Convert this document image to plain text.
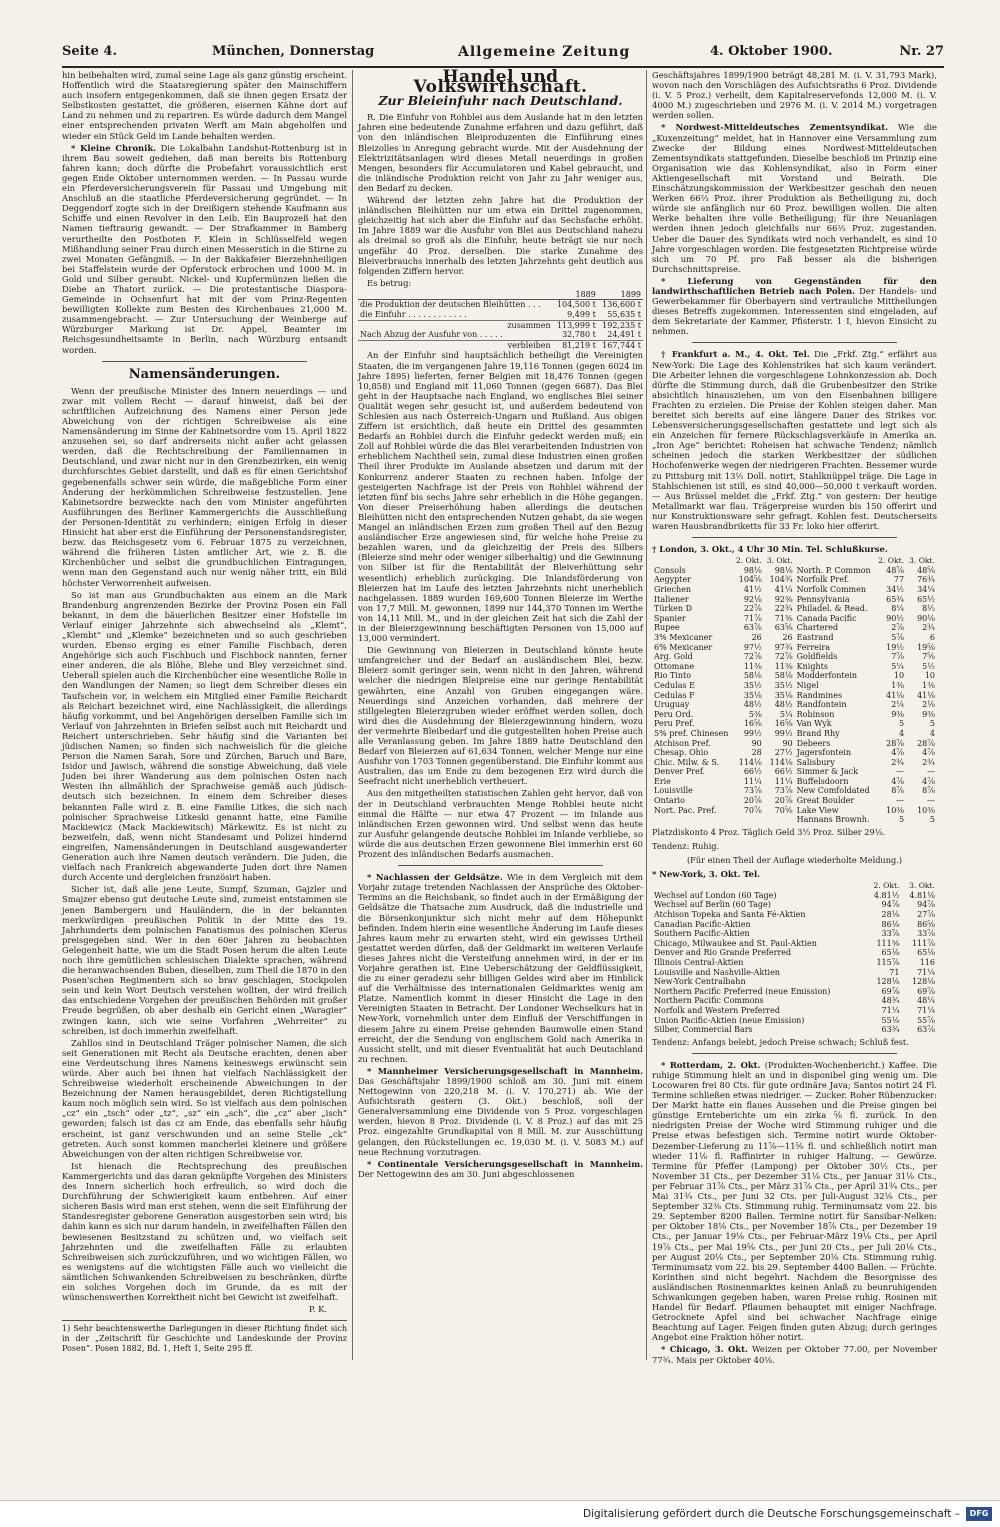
Seite 4.	München, Donnerstag	Allgemeine Zeitung	4. Oktober 1900.	Nr. 27

hin beibehalten wird, zumal seine Lage als ganz günstig erscheint. Hoffentlich wird die Staatsregierung später den Mainschiffern auch insofern entgegenkommen, daß sie ihnen gegen Ersatz der Selbstkosten gestattet, die größeren, eisernen Kähne dort auf Land zu nehmen und zu repariren. Es würde dadurch dem Mangel einer entsprechenden privaten Werft am Main abgeholfen und wieder ein Stück Geld im Lande behalten werden.

* Kleine Chronik. Die Lokalbahn Landshut-Rottenburg ist in ihrem Bau soweit gediehen, daß man bereits bis Rottenburg fahren kann; doch dürfte die Probefahrt voraussichtlich erst gegen Ende Oktober unternommen werden. — In Passau wurde ein Pferdeversicherungsverein für Passau und Umgebung mit Anschluß an die staatliche Pferdeversicherung gegründet. — In Deggendorf zogte sich in der Dreißigern stehende Kaufmann aus Schiffe und einen Revolver in den Leib. Ein Bauprozeß hat den Namen tieftraurig gewandt. — Der Strafkammer in Bamberg verurtheilte den Postboten F. Klein in Schlüsselfeld wegen Mißhandlung seiner Frau durch einen Messerstich in die Stirne zu zwei Monaten Gefängniß. — In der Bakkafeier Bierzehnheiligen bei Staffelstein wurde der Opferstock erbrochen und 1000 M. in Gold und Silber geraubt. Nickel- und Kupfermünzen ließen die Diebe an Thatort zurück. — Die protestantische Diaspora-Gemeinde in Ochsenfurt hat mit der vom Prinz-Regenten bewilligten Kollekte zum Besten des Kirchenbaues 21,000 M. zusammengebracht. — Zur Untersuchung der Weinberge auf Würzburger Markung ist Dr. Appel, Beamter im Reichsgesundheitsamte in Berlin, nach Würzburg entsandt worden.

Namensänderungen.

Wenn der preußische Minister des Innern neuerdings — und zwar mit vollem Recht — darauf hinweist, daß bei der schriftlichen Aufzeichnung des Namens einer Person jede Abweichung von der richtigen Schreibweise als eine Namensänderung im Sinne der Kabinetsordre vom 15. April 1822 anzusehen sei, so darf andrerseits nicht außer acht gelassen werden, daß die Rechtschreibung der Familiennamen in Deutschland, und zwar nicht nur in den Grenzbezirken, ein wenig durchforschtes Gebiet darstellt, und daß es für einen Gerichtshof gegebenenfalls schwer sein würde, die maßgebliche Form einer Änderung der herkömmlichen Schreibweise festzustellen. Jene Kabinetsordre bezweckte nach den vom Minister angeführten Ausführungen des Berliner Kammergerichts die Ausschließung der Personen-Identität zu verhindern; einigen Erfolg in dieser Hinsicht hat aber erst die Einführung der Personenstandsregister, bezw. das Reichsgesetz vom 6. Februar 1875 zu verzeichnen, während die früheren Listen amtlicher Art, wie z. B. die Kirchenbücher und selbst die grundbuchlichen Eintragungen, wenn man den Gegenstand auch nur wenig näher tritt, ein Bild höchster Verworrenheit aufweisen.

So ist man aus Grundbuchakten aus einem an die Mark Brandenburg angrenzenden Bezirke der Provinz Posen ein Fall bekannt, in dem die bäuerlichen Besitzer einer Hofstelle im Verlauf einiger Jahrzehnte sich abwechselnd als „Klemt“, „Klembt“ und „Klemke“ bezeichneten und so auch geschrieben wurden. Ebenso erging es einer Familie Fischbach, deren Angehörige sich auch Fischbuch und Fischbock nannten, ferner einer anderen, die als Blöhe, Blehe und Bley verzeichnet sind. Ueberall spielen auch die Kirchenbücher eine wesentliche Rolle in den Wandlungen der Namen; so liegt dem Schreiber dieses ein Taufschein vor, in welchem ein Mitglied einer Familie Reichardt als Reichart bezeichnet wird, eine Nachlässigkeit, die allerdings häufig vorkommt, und bei Angehörigen derselben Familie sich im Verlauf von Jahrzehnten in Briefen selbst auch mit Reichardt und Reichert unterschrieben. Sehr häufig sind die Varianten bei jüdischen Namen; so finden sich nachweislich für die gleiche Person die Namen Sarah, Sore und Zürchen, Baruch und Bare, Isidor und Jawisch, während die sonstige Abweichung, daß viele Juden bei ihrer Wanderung aus dem polnischen Osten nach Westen ihn allmählich der Sprachweise gemäß auch jüdisch-deutsch sich bezeichnen. In einem dem Schreiber dieses bekannten Falle wird z. B. eine Familie Litkes, die sich nach polnischer Sprachweise Litkeski genannt hatte, eine Familie Mackiewicz (Mack Mackiewitsch) Märkewitz. Es ist nicht zu bezweifeln, daß, wenn nicht Standesamt und Polizei hindernd eingreifen, Namensänderungen in Deutschland ausgewanderter Generation auch ihre Namen deutsch verändern. Die Juden, die vielfach nach Frankreich abgewanderte Juden dort ihre Namen durch Accente und dergleichen französirt haben.

Sicher ist, daß alle jene Leute, Sumpf, Szuman, Gajzler und Smajzer ebenso gut deutsche Leute sind, zumeist entstammen sie jenen Bambergern und Hauländern, die in der bekannten merkwürdigen preußischen Politik in der Mitte des 19. Jahrhunderts dem polnischen Fanatismus des polnischen Klerus preisgegeben sind. Wer in den 60er Jahren zu beobachten Gelegenheit hatte, wie um die Stadt Posen herum die alten Leute noch ihre gemütlichen schlesischen Dialekte sprachen, während die heranwachsenden Buben, dieselben, zum Theil die 1870 in den Posen'schen Regimentern sich so brav geschlagen, Stockpolen sein und kein Wort Deutsch verstehen wollten, der wird freilich das entschiedene Vorgehen der preußischen Behörden mit großer Freude begrüßen, ob aber deshalb ein Gericht einen „Waragier“ zwingen kann, sich wie seine Vorfahren „Wehrreiter“ zu schreiben, ist doch immerhin zweifelhaft.

Zahllos sind in Deutschland Träger polnischer Namen, die sich seit Generationen mit Recht als Deutsche erachten, denen aber eine Verdeutschung ihres Namens keineswegs erwünscht sein würde. Aber auch bei ihnen hat vielfach Nachlässigkeit der Schreibweise wiederholt erscheinende Abweichungen in der Bezeichnung der Namen herausgebildet, deren Richtigstellung kaum noch möglich sein wird. So ist vielfach aus dem polnischen „cz“ ein „tsch“ oder „tz“, „sz“ ein „sch“, die „cz“ aber „isch“ geworden; falsch ist das cz am Ende, das ebenfalls sehr häufig erscheint, ist ganz verschwunden und an seine Stelle „ck“ getreten. Auch sonst kommen mancherlei kleinere und größere Abweichungen von der alten richtigen Schreibweise vor.

Ist hienach die Rechtsprechung des preußischen Kammergerichts und das daran geknüpfte Vorgehen des Ministers des Innern sicherlich hoch erfreulich, so wird doch die Durchführung der Schwierigkeit kaum entbehren. Auf einer sicheren Basis wird man erst stehen, wenn die seit Einführung der Standesregister geborene Generation ausgestorben sein wird; bis dahin kann es sich nur darum handeln, in zweifelhaften Fällen den bewiesenen Besitzstand zu schützen und, wo vielfach seit Jahrzehnten und die zweifelhaften Fälle zu erlaubten Schreibweisen sich zurückzuführen, und wo wichtigen Fällen, wo es wenigstens auf die wichtigsten Fälle auch wo vielleicht die sämtlichen Schwankenden Schreibweisen zu beschränken, dürfte ein solches Vorgehen doch im Grunde, da es mit der wünschenswerthen Korrektheit nicht bei Gewicht ist zweifelhaft.

P. K.
1) Sehr beachtenswerthe Darlegungen in dieser Richtung findet sich in der „Zeitschrift für Geschichte und Landeskunde der Provinz Posen“. Posen 1882, Bd. 1, Heft 1, Seite 295 ff.
Handel und Volkswirthschaft.
Zur Bleieinfuhr nach Deutschland.

R. Die Einfuhr von Rohblei aus dem Auslande hat in den letzten Jahren eine bedeutende Zunahme erfahren und dazu geführt, daß von den inländischen Bleiproduzenten die Einführung eines Bleizolles in Anregung gebracht wurde. Mit der Ausdehnung der Elektrizitätsanlagen wird dieses Metall neuerdings in großen Mengen, besonders für Accumulatoren und Kabel gebraucht, und die inländische Produktion reicht von Jahr zu Jahr weniger aus, den Bedarf zu decken.

Während der letzten zehn Jahre hat die Produktion der inländischen Bleihütten nur um etwa ein Drittel zugenommen, gleichzeitig hat sich aber die Einfuhr auf das Sechsfache erhöht. Im Jahre 1889 war die Ausfuhr von Blei aus Deutschland nahezu als dreimal so groß als die Einfuhr, heute beträgt sie nur noch ungefähr 40 Proz. derselben. Die starke Zunahme des Bleiverbrauchs innerhalb des letzten Jahrzehnts geht deutlich aus folgenden Ziffern hervor.

Es betrug:

	1889	1899
die Produktion der deutschen Bleihütten . . .	104,500 t	136,600 t
die Einfuhr . . . . . . . . . . . .	9,499 t	55,635 t
zusammen	113,999 t	192,235 t
Nach Abzug der Ausfuhr von . . . . .	32,780 t	24,491 t
verbleiben	81,219 t	167,744 t

An der Einfuhr sind hauptsächlich betheiligt die Vereinigten Staaten, die im vergangenen Jahre 19,116 Tonnen (gegen 6024 im Jahre 1895) lieferten, ferner Belgien mit 18,476 Tonnen (gegen 10,858) und England mit 11,060 Tonnen (gegen 6687). Das Blei geht in der Hauptsache nach England, wo englisches Blei seiner Qualität wegen sehr gesucht ist, und außerdem bedeutend von Schlesien aus nach Österreich-Ungarn und Rußland. Aus obigen Ziffern ist ersichtlich, daß heute ein Drittel des gesammten Bedarfs an Rohblei durch die Einfuhr gedeckt werden muß; ein Zoll auf Rohblei würde die das Blei verarbeitenden Industrien von erheblichem Nachtheil sein, zumal diese Industrien einen großen Theil ihrer Produkte im Auslande absetzen und darum mit der Konkurrenz anderer Staaten zu rechnen haben. Infolge der gesteigerten Nachfrage ist der Preis von Rohblei während der letzten fünf bis sechs Jahre sehr erheblich in die Höhe gegangen. Von dieser Preiserhöhung haben allerdings die deutschen Bleihütten nicht den entsprechenden Nutzen gehabt, da sie wegen Mangel an inländischen Erzen zum großen Theil auf den Bezug ausländischer Erze angewiesen sind, für welche hohe Preise zu bezahlen waren, und da gleichzeitig der Preis des Silbers (Bleierze sind mehr oder weniger silberhaltig) und die Gewinnung von Silber ist für die Rentabilität der Bleiverhüttung sehr wesentlich) erheblich zurückging. Die Inlandsförderung von Bleierzen hat im Laufe des letzten Jahrzehnts nicht unerheblich nachgelassen. 1889 wurden 169,600 Tonnen Bleierze im Werthe von 17,7 Mill. M. gewonnen, 1899 nur 144,370 Tonnen im Werthe von 14,11 Mill. M., und in der gleichen Zeit hat sich die Zahl der in der Bleierzgewinnung beschäftigten Personen von 15,000 auf 13,000 vermindert.

Die Gewinnung von Bleierzen in Deutschland könnte heute umfangreicher und der Bedarf an ausländischem Blei, bezw. Bleierz somit geringer sein, wenn nicht in den Jahren, während welcher die niedrigen Bleipreise eine nur geringe Rentabilität gewährten, eine Anzahl von Gruben eingegangen wäre. Neuerdings sind Anzeichen vorhanden, daß mehrere der stillgelegten Bleierzgruben wieder eröffnet werden sollen, doch wird dies die Ausdehnung der Bleierzgewinnung hindern, wozu der vermehrte Bleibedarf und die gutgestellten hohen Preise auch alle Veranlassung geben. Im Jahre 1889 hatte Deutschland den Bedarf von Bleierzen auf 61,634 Tonnen, welcher Menge nur eine Ausfuhr von 1703 Tonnen gegenüberstand. Die Einfuhr kommt aus Australien, das um Ende zu dem bezogenen Erz wird durch die Seefracht nicht unerheblich vertheuert.

Aus den mitgetheilten statistischen Zahlen geht hervor, daß von der in Deutschland verbrauchten Menge Rohblei heute nicht einmal die Hälfte — nur etwa 47 Prozent — im Inlande aus inländischen Erzen gewonnen wird. Und selbst wenn das heute zur Ausfuhr gelangende deutsche Rohblei im Inlande verbliebe, so würde die aus deutschen Erzen gewonnene Blei immerhin erst 60 Prozent des inländischen Bedarfs ausmachen.

* Nachlassen der Geldsätze. Wie in dem Vergleich mit dem Vorjahr zutage tretenden Nachlassen der Ansprüche des Oktober-Termins an die Reichsbank, so findet auch in der Ermäßigung der Geldsätze die Thatsache zum Ausdruck, daß die industrielle und die Börsenkonjunktur sich nicht mehr auf dem Höhepunkt befinden. Indem hierin eine wesentliche Änderung im Laufe dieses Jahres kaum mehr zu erwarten steht, wird ein gewisses Urtheil gestattet werden dürfen, daß der Geldmarkt im weiteren Verlaufe dieses Jahres nicht die Versteifung annehmen wird, in der er im Vorjahre gerathen ist. Eine Ueberschätzung der Geldflüssigkeit, die zu einer geradezu sehr billigen Geldes wird aber im Hinblick auf die Verhältnisse des internationalen Geldmarktes wenig am Platze. Namentlich kommt in dieser Hinsicht die Lage in den Vereinigten Staaten in Betracht. Der Londoner Wechselkurs hat in New-York, vornehmlich unter dem Einfluß der Verschiffungen in diesem Jahre zu einem Preise gehenden Baumwolle einen Stand erreicht, der die Sendung von englischem Gold nach Amerika in Aussicht stellt, und mit dieser Eventualität hat auch Deutschland zu rechnen.

* Mannheimer Versicherungsgesellschaft in Mannheim. Das Geschäftsjahr 1899/1900 schloß am 30. Juni mit einem Nettogewinn von 220,218 M. (i. V. 170,271) ab. Wie der Aufsichtsrath gestern (3. Okt.) beschloß, soll der Generalversammlung eine Dividende von 5 Proz. vorgeschlagen werden, hievon 8 Proz. Dividende (i. V. 8 Proz.) auf das mit 25 Proz. eingezahlte Grundkapital von 8 Mill. M. zur Ausschüttung gelangen, den Rückstellungen ec. 19,030 M. (i. V. 5083 M.) auf neue Rechnung vorzutragen.

* Continentale Versicherungsgesellschaft in Mannheim. Der Nettogewinn des am 30. Juni abgeschlossenen

Geschäftsjahres 1899/1900 beträgt 48,281 M. (i. V. 31,793 Mark), wovon nach den Vorschlägen des Aufsichtsraths 6 Proz. Dividende (i. V. 5 Proz.) verheilt, dem Kapitalreservefonds 12,000 M. (i. V. 4000 M.) zugeschrieben und 2976 M. (i. V. 2014 M.) vorgetragen werden sollen.

* Nordwest-Mitteldeutsches Zementsyndikat. Wie die „Kuxenzeitung“ meldet, hat in Hannover eine Versammlung zum Zwecke der Bildung eines Nordwest-Mitteldeutschen Zementsyndikats stattgefunden. Dieselbe beschloß im Prinzip eine Organisation wie das Kohlensyndikat, also in Form einer Aktiengesellschaft mit Vorstand und Beirath. Die Einschätzungskommission der Werkbesitzer geschah den neuen Werken 66⅔ Proz. ihrer Produktion als Betheiligung zu, doch würde sie anfänglich nur 60 Proz. bewilligen wollen. Die alten Werke behalten ihre volle Betheiligung; für ihre Neuanlagen werden ihnen jedoch gleichfalls nur 66⅔ Proz. zugestanden. Ueber die Dauer des Syndikats wird noch verhandelt, es sind 10 Jahre vorgeschlagen worden. Die festgesetzten Richtpreise würde sich um 70 Pf. pro Faß besser als die bisherigen Durchschnittspreise.

* Lieferung von Gegenständen für den landwirthschaftlichen Betrieb nach Polen. Der Handels- und Gewerbekammer für Oberbayern sind vertrauliche Mittheilungen dieses Betreffs zugekommen. Interessenten sind eingeladen, auf dem Sekretariate der Kammer, Pfisterstr. 1 I, hievon Einsicht zu nehmen.

† Frankfurt a. M., 4. Okt. Tel. Die „Frkf. Ztg.“ erfährt aus New-York: Die Lage des Kohlenstrikes hat sich kaum verändert. Die Arbeiter lehnen die vorgeschlagene Lohnkonzession ab. Doch dürfte die Stimmung durch, daß die Grubenbesitzer den Strike absichtlich hinausziehen, um von den Eisenbahnen billigere Frachten zu erzielen. Die Preise der Kohlen steigen daher. Man bereitet sich bereits auf eine längere Dauer des Strikes vor. Lebensversicherungsgesellschaften gestattete und legt sich als ein Anzeichen für fernere Rückschlagsverkäufe in Amerika an. „Iron Age“ berichtet: Roheisen hat schwache Tendenz; nämlich scheinen jedoch die starken Werkbesitzer der südlichen Hochofenwerke wegen der niedrigeren Frachten. Bessemer wurde zu Pittsburg mit 13½ Doll. notirt, Stahlknüppel träge. Die Lage in Stahlschienen ist still, es sind 40,000—50,000 t verkauft worden. — Aus Brüssel meldet die „Frkf. Ztg.“ von gestern: Der heutige Metallmarkt war flau. Trägerpreise wurden bis 150 offerirt und nur Konstruktionsware sehr gefragt. Kohlen fest. Deutscherseits waren Hausbrandbriketts für 33 Fr. loko hier offerirt.

† London, 3. Okt., 4 Uhr 30 Min. Tel. Schlußkurse.

	2. Okt.	3. Okt.		2. Okt.	3. Okt.
Consols	98⅛	98⅛	North. P. Common	48⅞	48⅝
Aegypter	104⅝	104¾	Norfolk Pref.	77	76¾
Griechen	41½	41¼	Norfolk Commen	34½	34¼
Italiener	92⅛	92⅜	Pennsylvania	65¾	65½
Türken D	22⅞	22¾	Philadel. & Read.	8¼	8½
Spanier	71⅞	71⅜	Canada Pacific	90½	90⅛
Rupee	63⅞	63⅝	Chartered	2⅞	2¾
3% Mexicaner	26	26	Eastrand	5⅞	6
6% Mexicaner	97½	97¾	Ferreira	19½	19⅝
Arg. Gold	72⅞	72⅞	Goldfields	7⅞	7⅝
Ottomane	11⅜	11⅜	Knights	5¼	5½
Rio Tinto	58⅛	58⅛	Modderfontein	10	10
Cedulas E	35½	35½	Nigel	1⅜	1⅜
Cedulas F	35⅛	35⅛	Randmines	41⅛	41⅛
Uruguay	48½	48½	Randfontein	2¼	2⅛
Peru Ord.	5⅜	5¼	Robinson	9⅜	9⅜
Peru Pref.	16⅝	16⅝	Van Wyk	5	5
5% pref. Chinesen	99½	99½	Brand Rhy	4	4
Atchison Pref.	90	90	Debeers	28⅞	28⅞
Chesap. Ohio	28	27½	Jagersfontein	4⅞	4⅞
Chic. Milw. & S.	114⅛	114⅛	Salisbury	2¾	2¾
Denver Pref.	66½	66½	Simmer & Jack	—	—
Erie	11¼	11¼	Buffelsdoorn	4⅞	4⅞
Louisville	73⅞	73⅞	New Comfoldated	8⅞	8⅞
Ontario	20⅞	20⅞	Great Boulder	—	—
Nort. Pac. Pref.	70⅞	70⅝	Lake View	10⅜	10⅜
			Hannans Brownh.	5	5

Platzdiskonto 4 Proz. Täglich Geld 3½ Proz. Silber 29⅛.

Tendenz: Ruhig.

(Für einen Theil der Auflage wiederholte Meldung.)

* New-York, 3. Okt. Tel.

	2. Okt.	3. Okt.
Wechsel auf London (60 Tage)	4.81½	4.81⅛
Wechsel auf Berlin (60 Tage)	94⅞	94⅞
Atchison Topeka and Santa Fé-Aktien	28⅛	27⅞
Canadian Pacific-Aktien	86⅛	86⅝
Southern Pacific-Aktien	33⅞	33⅞
Chicago, Milwaukee and St. Paul-Aktien	111⅜	111⅞
Denver and Rio Grande Preferred	65⅛	65⅛
Illinois Central-Aktien	115⅞	116
Louisville and Nashville-Aktien	71	71¼
New-York Centralbahn	128⅛	128⅛
Northern Pacific Preferred (neue Emission)	69⅞	69⅞
Northern Pacific Commons	48¾	48¼
Norfolk and Western Preferred	71¼	71¼
Union Pacific-Aktien (neue Emission)	55⅛	55⅞
Silber, Commercial Bars	63¾	63⅞

Tendenz: Anfangs belebt, jedoch Preise schwach; Schluß fest.

* Rotterdam, 2. Okt. (Produkten-Wochenbericht.) Kaffee. Die ruhige Stimmung hielt an und in disponibel ging wenig um. Die Locowaren frei 80 Cts. für gute ordinäre Java; Santos notirt 24 Fl. Termine schließen etwas niedriger. — Zucker. Roher Rübenzucker: Der Markt hatte ein flaues Aussehen und die Preise gingen bei günstige Ernteberichte um ein zirka ⅝ fl. zurück. In den niedrigsten Preise der Woche wird Stimmung ruhiger und die Preise etwas befestigen sich. Termine notirt wurde Oktober-Dezember-Lieferung zu 11⅞—11⅝ fl. und schließlich notirt man wieder 11⅛ fl. Raffinirter in ruhiger Haltung. — Gewürze. Termine für Pfeffer (Lampong) per Oktober 30½ Cts., per November 31 Cts., per Dezember 31⅛ Cts., per Januar 31⅛ Cts., per Februar 31⅞ Cts., per März 31⅞ Cts., per April 31¾ Cts., per Mai 31¾ Cts., per Juni 32 Cts. per Juli-August 32⅛ Cts., per September 32⅜ Cts. Stimmung ruhig. Terminumsatz vom 22. bis 29. September 8200 Ballen. Termine notirt für Sansibar-Nelken: per Oktober 18⅛ Cts., per November 18⅞ Cts., per Dezember 19 Cts., per Januar 19⅛ Cts., per Februar-März 19⅛ Cts., per April 19⅞ Cts., per Mai 19⅝ Cts., per Juni 20 Cts., per Juli 20⅛ Cts., per August 20⅛ Cts., per September 20⅛ Cts. Stimmung ruhig. Terminumsatz vom 22. bis 29. September 4400 Ballen. — Früchte. Korinthen sind nicht begehrt. Nachdem die Besorgnisse des ausländischen Rosinenmarktes keinen Anlaß zu beunruhigenden Schwankungen gegeben haben, waren Preise ruhig. Rosinen mit Handel für Bedarf. Pflaumen behauptet mit einiger Nachfrage. Getrocknete Apfel sind bei schwacher Nachfrage einige Beachtung auf Lager. Feigen finden guten Abzug; durch geringes Angebot eine Fraktion höher notirt.

* Chicago, 3. Okt. Weizen per Oktober 77.00, per November 77¾. Mais per Oktober 40⅛.

Digitalisierung gefördert durch die Deutsche Forschungsgemeinschaft –	DFG
